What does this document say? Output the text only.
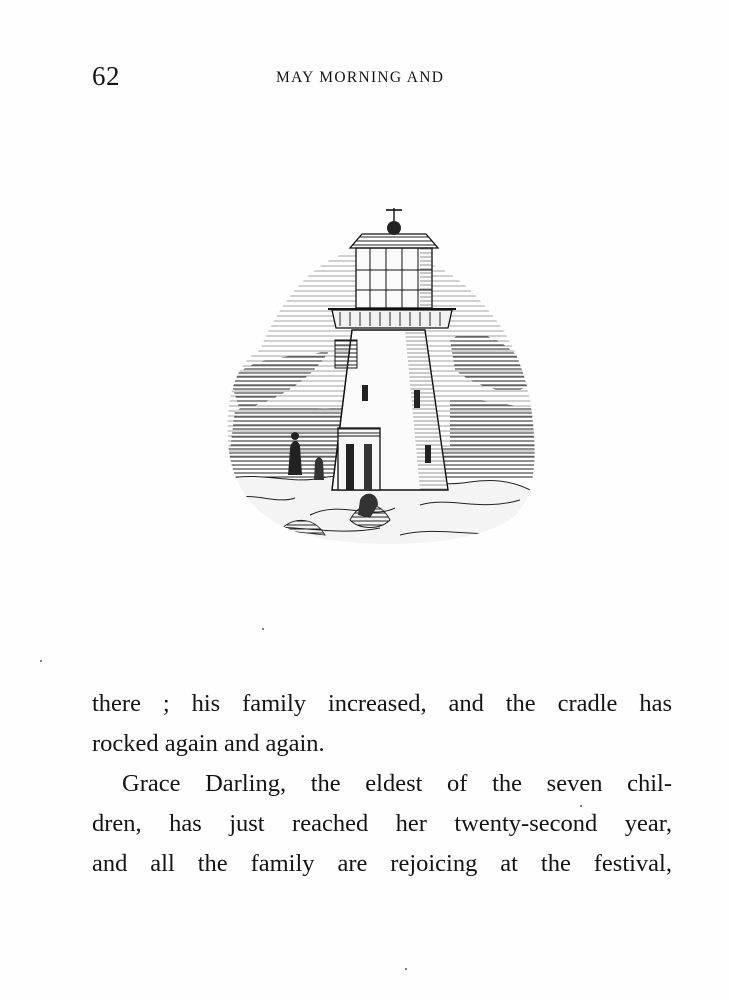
62	MAY MORNING AND
there ; his family increased, and the cradle has
rocked again and again.
Grace Darling, the eldest of the seven chil-
dren, has just reached her twenty-second year,
and all the family are rejoicing at the festival,
